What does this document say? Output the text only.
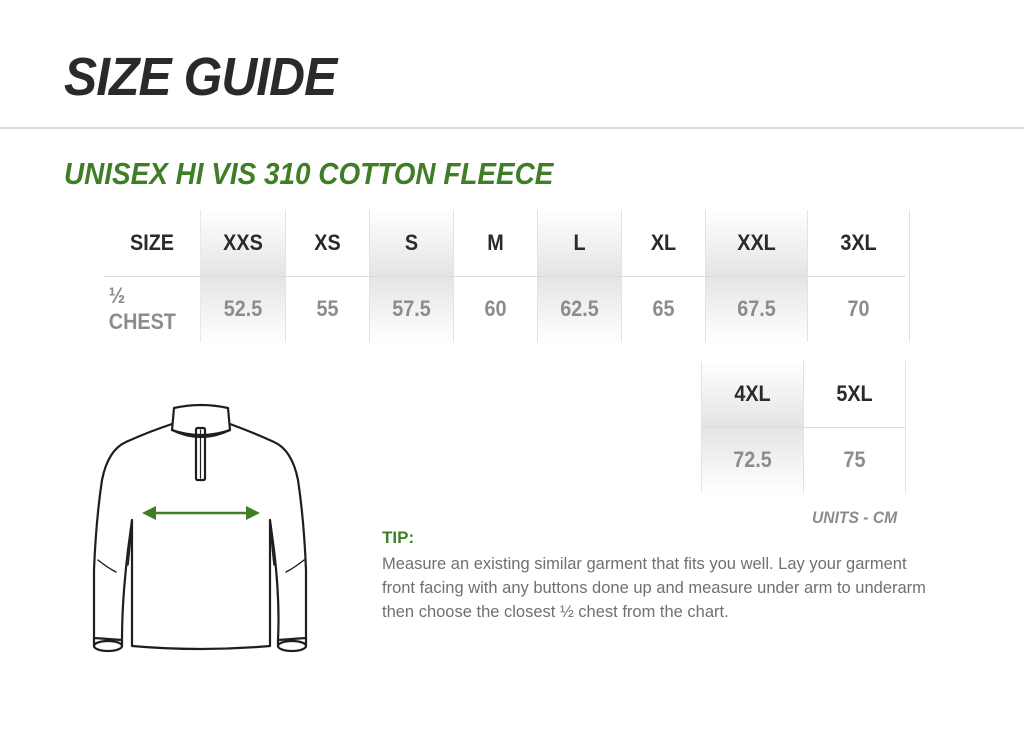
SIZE GUIDE
UNISEX HI VIS 310 COTTON FLEECE
SIZE
½ CHEST
XXS
52.5
XS
55
S
57.5
M
60
L
62.5
XL
65
XXL
67.5
3XL
70
4XL
72.5
5XL
75
UNITS - CM
TIP:
Measure an existing similar garment that fits you well. Lay your garment front facing with any buttons done up and measure under arm to underarm then choose the closest ½ chest from the chart.
